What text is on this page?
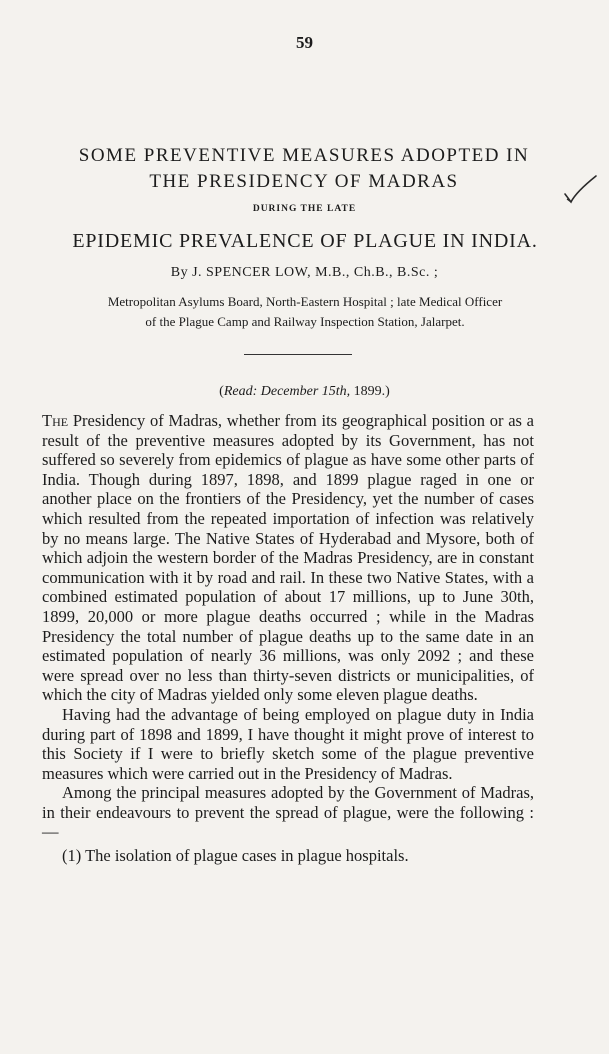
59
SOME PREVENTIVE MEASURES ADOPTED IN
THE PRESIDENCY OF MADRAS
DURING THE LATE
EPIDEMIC PREVALENCE OF PLAGUE IN INDIA.
By J. SPENCER LOW, M.B., Ch.B., B.Sc. ;
Metropolitan Asylums Board, North-Eastern Hospital ; late Medical Officer
of the Plague Camp and Railway Inspection Station, Jalarpet.
(Read: December 15th, 1899.)

The Presidency of Madras, whether from its geographical position or as a result of the preventive measures adopted by its Government, has not suffered so severely from epidemics of plague as have some other parts of India. Though during 1897, 1898, and 1899 plague raged in one or another place on the frontiers of the Presidency, yet the number of cases which resulted from the repeated importation of infection was relatively by no means large. The Native States of Hyderabad and Mysore, both of which adjoin the western border of the Madras Presidency, are in constant communication with it by road and rail. In these two Native States, with a combined estimated population of about 17 millions, up to June 30th, 1899, 20,000 or more plague deaths occurred ; while in the Madras Presidency the total number of plague deaths up to the same date in an estimated population of nearly 36 millions, was only 2092 ; and these were spread over no less than thirty-seven districts or municipalities, of which the city of Madras yielded only some eleven plague deaths.

Having had the advantage of being employed on plague duty in India during part of 1898 and 1899, I have thought it might prove of interest to this Society if I were to briefly sketch some of the plague preventive measures which were carried out in the Presidency of Madras.

Among the principal measures adopted by the Government of Madras, in their endeavours to prevent the spread of plague, were the following :—

(1) The isolation of plague cases in plague hospitals.
